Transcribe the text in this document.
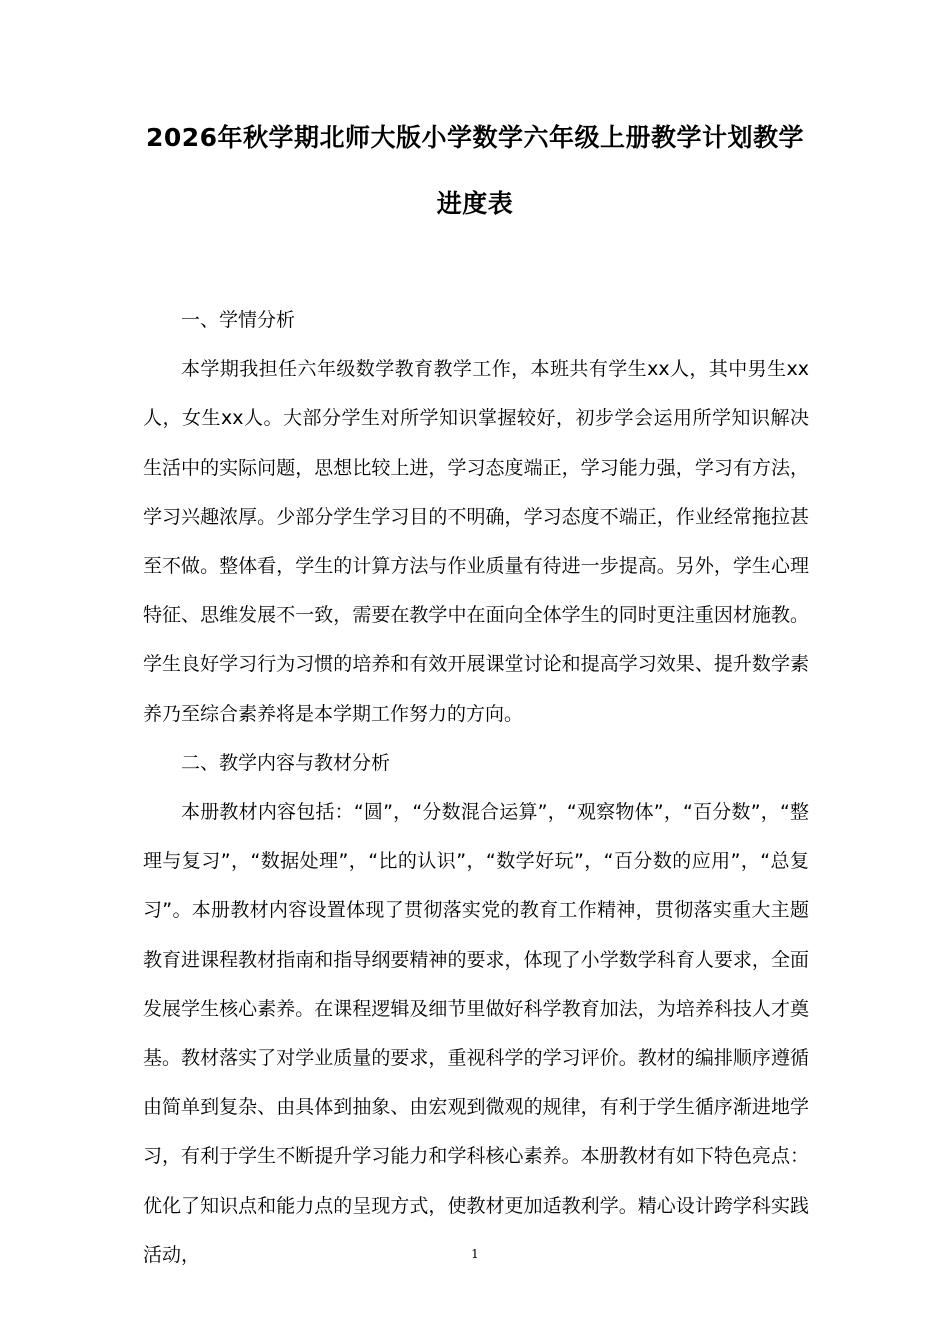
2026年秋学期北师大版小学数学六年级上册教学计划教学
进度表

一、学情分析

本学期我担任六年级数学教育教学工作，本班共有学生xx人，其中男生xx人，女生xx人。大部分学生对所学知识掌握较好，初步学会运用所学知识解决生活中的实际问题，思想比较上进，学习态度端正，学习能力强，学习有方法，学习兴趣浓厚。少部分学生学习目的不明确，学习态度不端正，作业经常拖拉甚至不做。整体看，学生的计算方法与作业质量有待进一步提高。另外，学生心理特征、思维发展不一致，需要在教学中在面向全体学生的同时更注重因材施教。学生良好学习行为习惯的培养和有效开展课堂讨论和提高学习效果、提升数学素养乃至综合素养将是本学期工作努力的方向。

二、教学内容与教材分析

本册教材内容包括：“圆”，“分数混合运算”，“观察物体”，“百分数”，“整理与复习”，“数据处理”，“比的认识”，“数学好玩”，“百分数的应用”，“总复习”。本册教材内容设置体现了贯彻落实党的教育工作精神，贯彻落实重大主题教育进课程教材指南和指导纲要精神的要求，体现了小学数学科育人要求，全面发展学生核心素养。在课程逻辑及细节里做好科学教育加法，为培养科技人才奠基。教材落实了对学业质量的要求，重视科学的学习评价。教材的编排顺序遵循由简单到复杂、由具体到抽象、由宏观到微观的规律，有利于学生循序渐进地学习，有利于学生不断提升学习能力和学科核心素养。本册教材有如下特色亮点：优化了知识点和能力点的呈现方式，使教材更加适教利学。精心设计跨学科实践活动，	1
